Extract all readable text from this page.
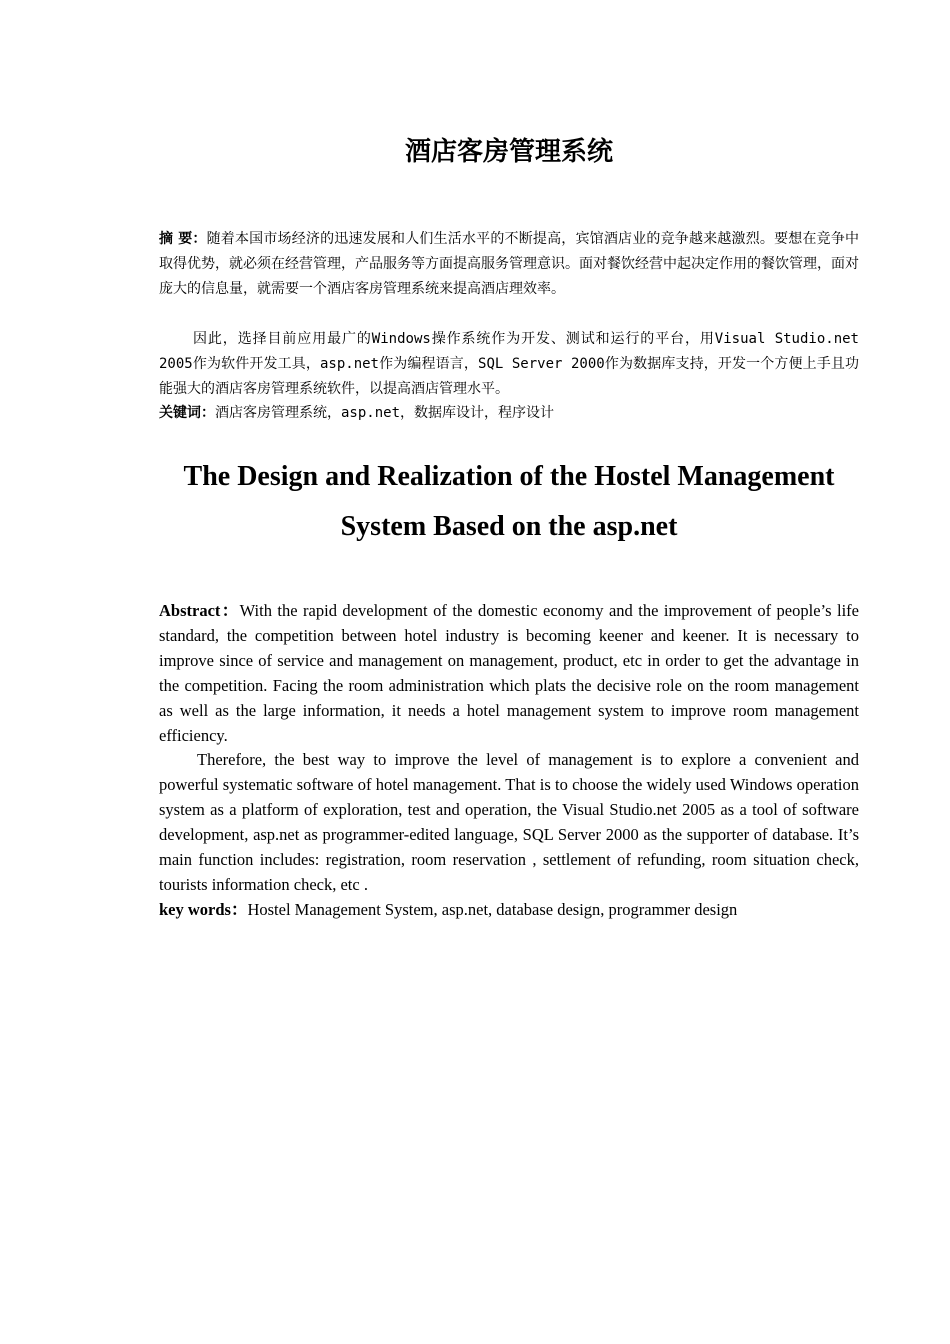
酒店客房管理系统

摘 要：随着本国市场经济的迅速发展和人们生活水平的不断提高，宾馆酒店业的竞争越来越激烈。要想在竞争中取得优势，就必须在经营管理，产品服务等方面提高服务管理意识。面对餐饮经营中起决定作用的餐饮管理，面对庞大的信息量，就需要一个酒店客房管理系统来提高酒店理效率。

因此，选择目前应用最广的Windows操作系统作为开发、测试和运行的平台，用Visual Studio.net 2005作为软件开发工具，asp.net作为编程语言，SQL Server 2000作为数据库支持，开发一个方便上手且功能强大的酒店客房管理系统软件，以提高酒店管理水平。

关键词：酒店客房管理系统，asp.net，数据库设计，程序设计

The Design and Realization of the Hostel Management System Based on the asp.net

Abstract：With the rapid development of the domestic economy and the improvement of people’s life standard, the competition between hotel industry is becoming keener and keener. It is necessary to improve since of service and management on management, product, etc in order to get the advantage in the competition. Facing the room administration which plats the decisive role on the room management as well as the large information, it needs a hotel management system to improve room management efficiency.

Therefore, the best way to improve the level of management is to explore a convenient and powerful systematic software of hotel management. That is to choose the widely used Windows operation system as a platform of exploration, test and operation, the Visual Studio.net 2005 as a tool of software development, asp.net as programmer-edited language, SQL Server 2000 as the supporter of database. It’s main function includes: registration, room reservation , settlement of refunding, room situation check, tourists information check, etc .

key words：Hostel Management System, asp.net, database design, programmer design
